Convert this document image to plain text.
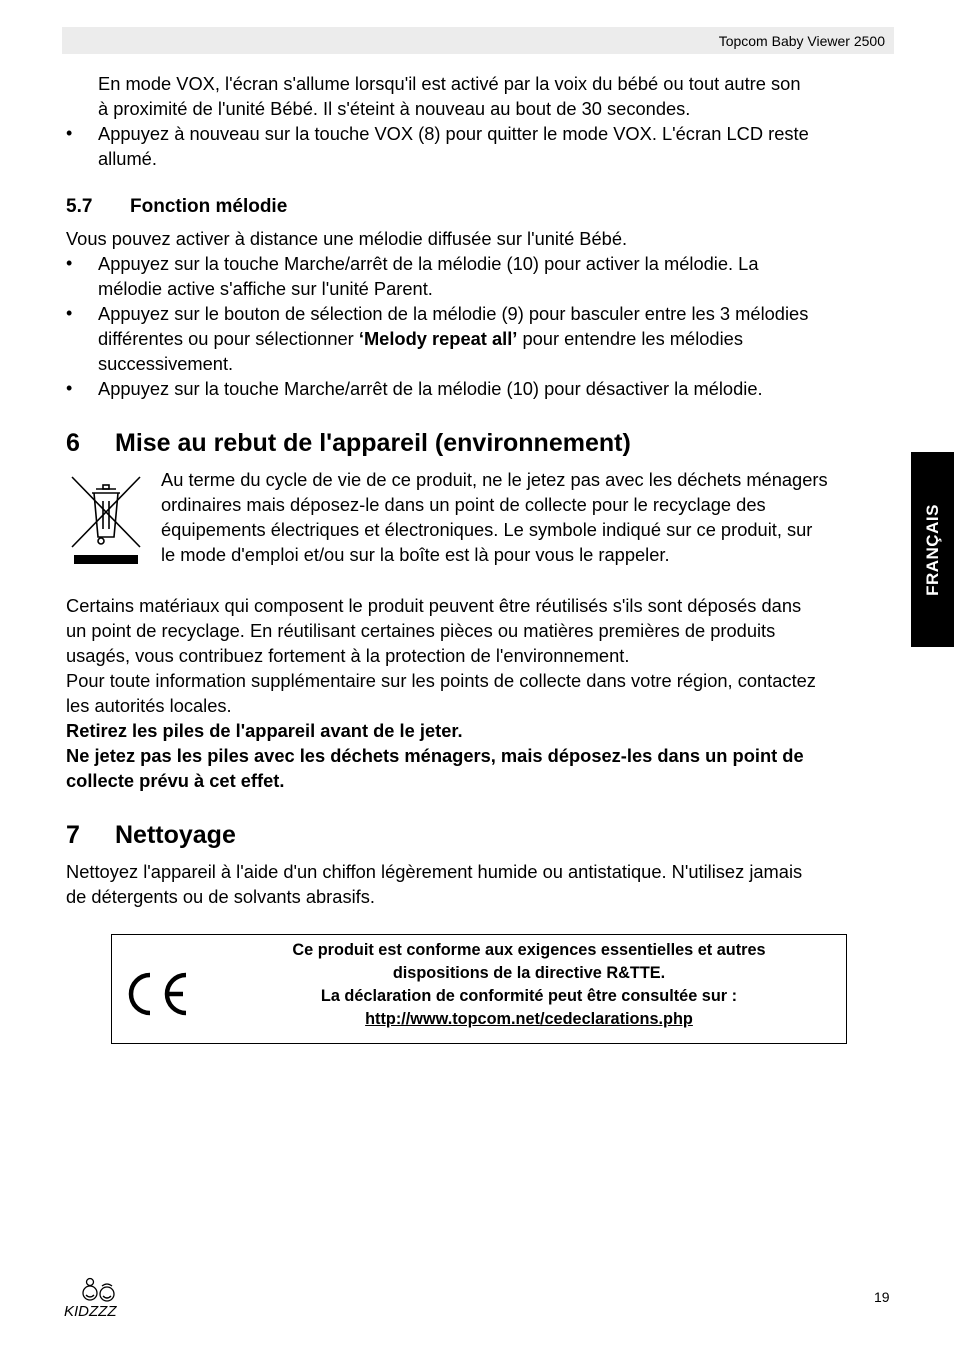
Topcom Baby Viewer 2500
FRANÇAIS
En mode VOX, l'écran s'allume lorsqu'il est activé par la voix du bébé ou tout autre son
à proximité de l'unité Bébé. Il s'éteint à nouveau au bout de 30 secondes.
• Appuyez à nouveau sur la touche VOX (8) pour quitter le mode VOX. L'écran LCD reste
allumé.
5.7 Fonction mélodie
Vous pouvez activer à distance une mélodie diffusée sur l'unité Bébé.
• Appuyez sur la touche Marche/arrêt de la mélodie (10) pour activer la mélodie. La
mélodie active s'affiche sur l'unité Parent.
• Appuyez sur le bouton de sélection de la mélodie (9) pour basculer entre les 3 mélodies
différentes ou pour sélectionner ‘Melody repeat all’ pour entendre les mélodies
successivement.
• Appuyez sur la touche Marche/arrêt de la mélodie (10) pour désactiver la mélodie.
6 Mise au rebut de l'appareil (environnement)
Au terme du cycle de vie de ce produit, ne le jetez pas avec les déchets ménagers
ordinaires mais déposez-le dans un point de collecte pour le recyclage des
équipements électriques et électroniques. Le symbole indiqué sur ce produit, sur
le mode d'emploi et/ou sur la boîte est là pour vous le rappeler.
Certains matériaux qui composent le produit peuvent être réutilisés s'ils sont déposés dans
un point de recyclage. En réutilisant certaines pièces ou matières premières de produits
usagés, vous contribuez fortement à la protection de l'environnement.
Pour toute information supplémentaire sur les points de collecte dans votre région, contactez
les autorités locales.
Retirez les piles de l'appareil avant de le jeter.
Ne jetez pas les piles avec les déchets ménagers, mais déposez-les dans un point de
collecte prévu à cet effet.
7 Nettoyage
Nettoyez l'appareil à l'aide d'un chiffon légèrement humide ou antistatique. N'utilisez jamais
de détergents ou de solvants abrasifs.
Ce produit est conforme aux exigences essentielles et autres
dispositions de la directive R&TTE.
La déclaration de conformité peut être consultée sur :
http://www.topcom.net/cedeclarations.php
KIDZZZ
19
